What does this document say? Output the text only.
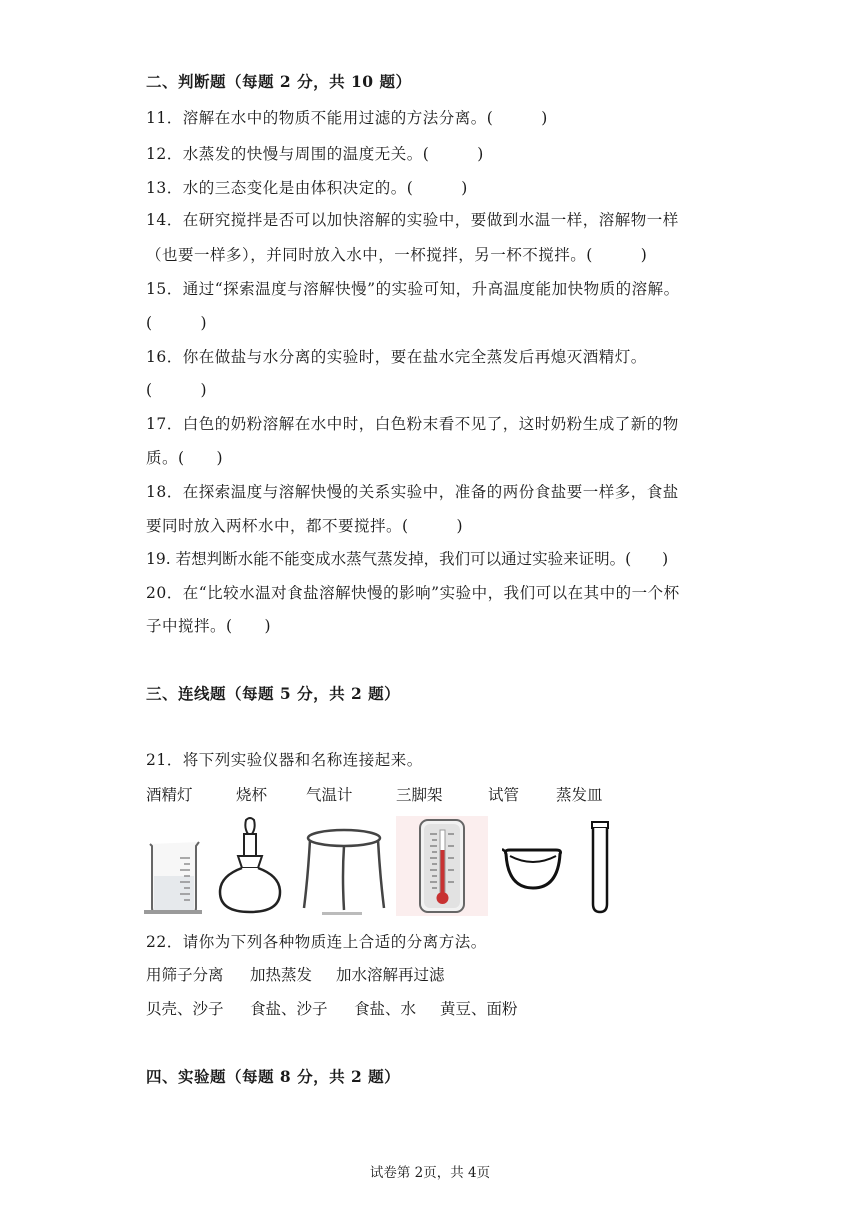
二、判断题（每题 2 分，共 10 题）
11．溶解在水中的物质不能用过滤的方法分离。(　　　)
12．水蒸发的快慢与周围的温度无关。(　　　)
13．水的三态变化是由体积决定的。(　　　)
14．在研究搅拌是否可以加快溶解的实验中，要做到水温一样，溶解物一样
（也要一样多），并同时放入水中，一杯搅拌，另一杯不搅拌。(　　　)
15．通过“探索温度与溶解快慢”的实验可知，升高温度能加快物质的溶解。
(　　　)
16．你在做盐与水分离的实验时，要在盐水完全蒸发后再熄灭酒精灯。
(　　　)
17．白色的奶粉溶解在水中时，白色粉末看不见了，这时奶粉生成了新的物
质。(　　)
18．在探索温度与溶解快慢的关系实验中，准备的两份食盐要一样多，食盐
要同时放入两杯水中，都不要搅拌。(　　　)
19. 若想判断水能不能变成水蒸气蒸发掉，我们可以通过实验来证明。(　　)
20．在“比较水温对食盐溶解快慢的影响”实验中，我们可以在其中的一个杯
子中搅拌。(　　)
三、连线题（每题 5 分，共 2 题）
21．将下列实验仪器和名称连接起来。
酒精灯	烧杯	气温计	三脚架	试管 蒸发皿
22．请你为下列各种物质连上合适的分离方法。
用筛子分离 加热蒸发 加水溶解再过滤
贝壳、沙子 食盐、沙子 食盐、水 黄豆、面粉
四、实验题（每题 8 分，共 2 题）
试卷第 2页，共 4页
